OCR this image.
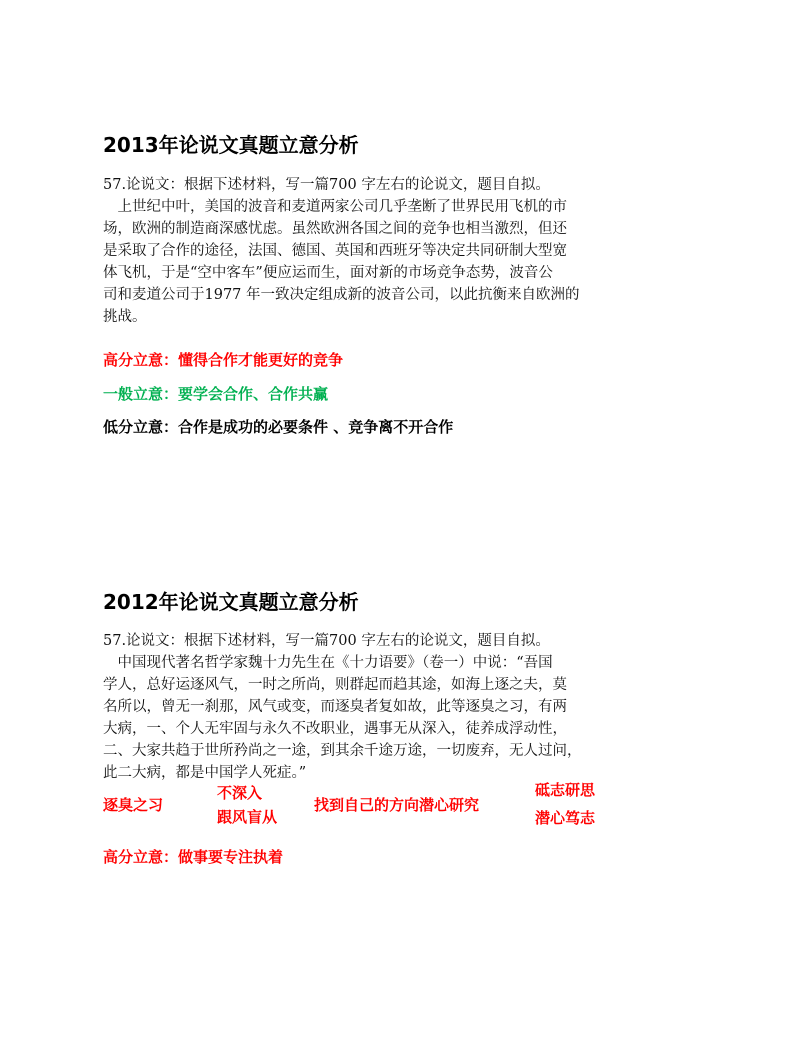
2013年论说文真题立意分析
57.论说文：根据下述材料，写一篇700 字左右的论说文，题目自拟。
　上世纪中叶，美国的波音和麦道两家公司几乎垄断了世界民用飞机的市
场，欧洲的制造商深感忧虑。虽然欧洲各国之间的竞争也相当激烈，但还
是采取了合作的途径，法国、德国、英国和西班牙等决定共同研制大型宽
体飞机，于是“空中客车”便应运而生，面对新的市场竞争态势，波音公
司和麦道公司于1977 年一致决定组成新的波音公司，以此抗衡来自欧洲的
挑战。
高分立意：懂得合作才能更好的竞争
一般立意：要学会合作、合作共赢
低分立意：合作是成功的必要条件 、竞争离不开合作
2012年论说文真题立意分析
57.论说文：根据下述材料，写一篇700 字左右的论说文，题目自拟。
　中国现代著名哲学家魏十力先生在《十力语要》（卷一）中说：“吾国
学人，总好运逐风气，一时之所尚，则群起而趋其途，如海上逐之夫，莫
名所以，曾无一刹那，风气或变，而逐臭者复如故，此等逐臭之习，有两
大病，一、个人无牢固与永久不改职业，遇事无从深入，徒养成浮动性，
二、大家共趋于世所矜尚之一途，到其余千途万途，一切废弃，无人过问，
此二大病，都是中国学人死症。”
逐臭之习
不深入
跟风盲从
找到自己的方向潜心研究
砥志研思
潜心笃志
高分立意：做事要专注执着
